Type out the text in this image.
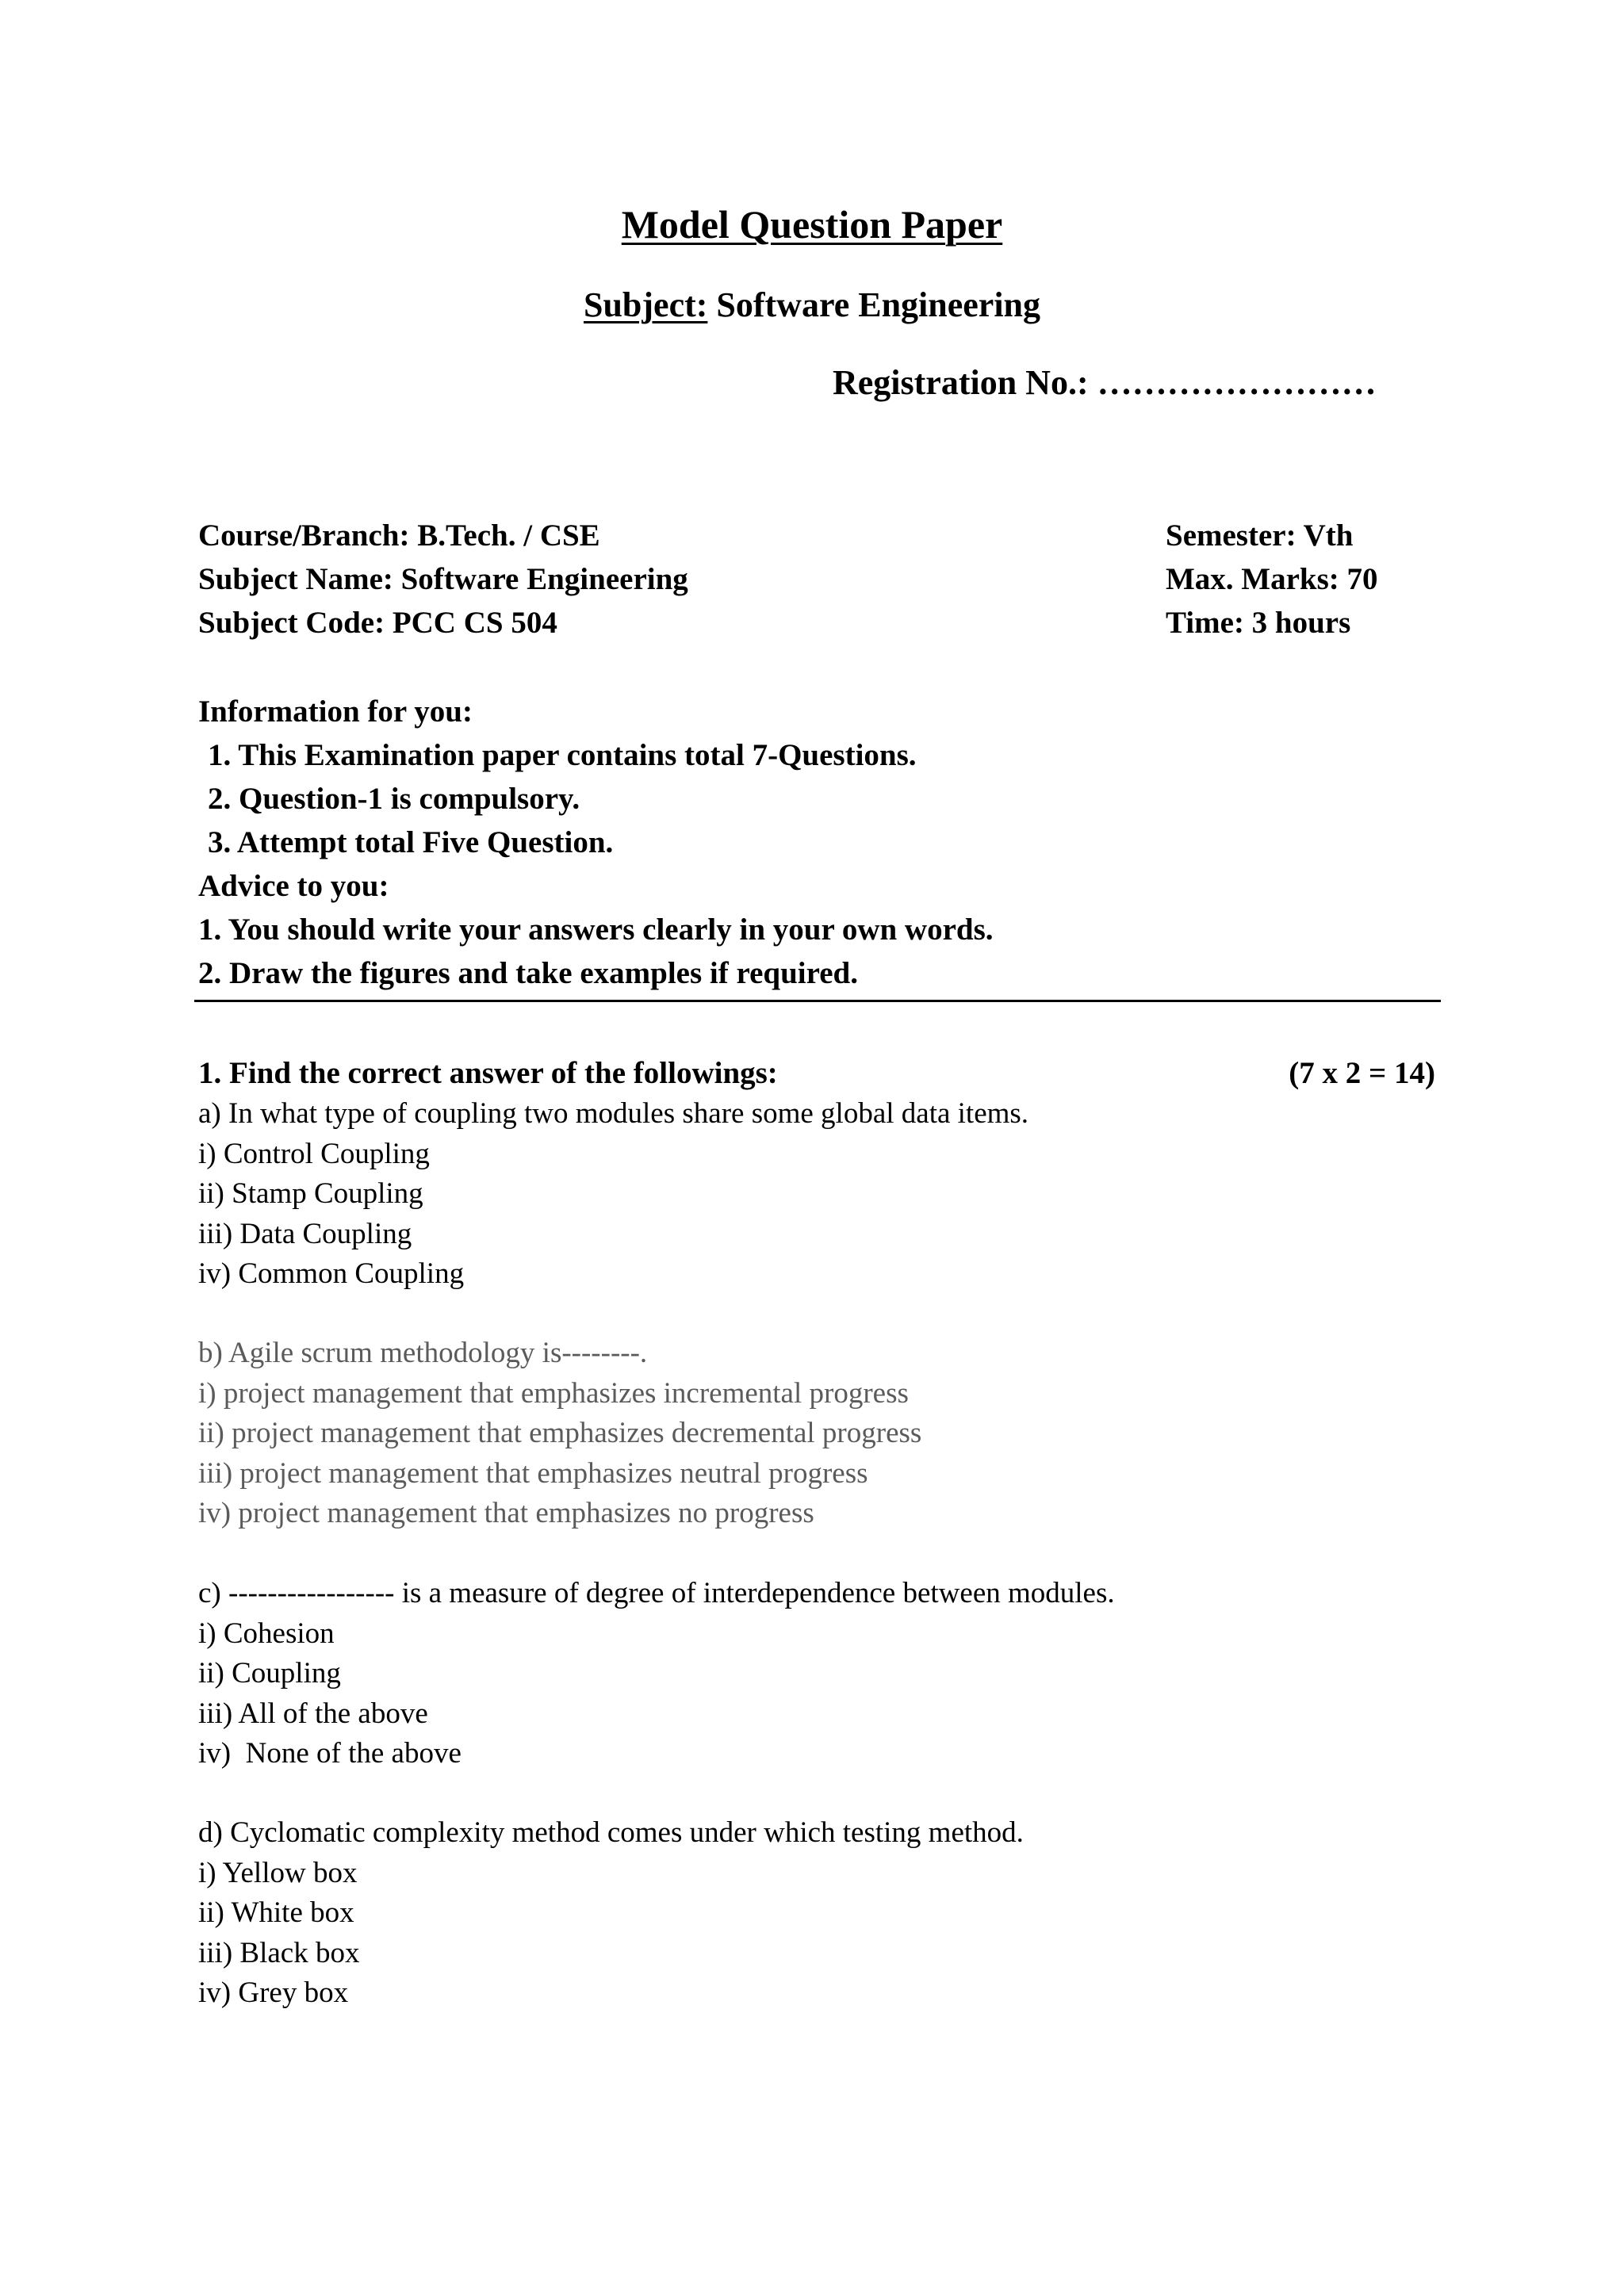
Model Question Paper
Subject: Software Engineering
Registration No.: ……………………
Course/Branch: B.Tech. / CSE
Subject Name: Software Engineering
Subject Code: PCC CS 504
Semester: Vth
Max. Marks: 70
Time: 3 hours
Information for you:
1. This Examination paper contains total 7-Questions.
2. Question-1 is compulsory.
3. Attempt total Five Question.
Advice to you:
1. You should write your answers clearly in your own words.
2. Draw the figures and take examples if required.
1. Find the correct answer of the followings:	(7 x 2 = 14)
a) In what type of coupling two modules share some global data items.
i) Control Coupling
ii) Stamp Coupling
iii) Data Coupling
iv) Common Coupling
b) Agile scrum methodology is--------.
i) project management that emphasizes incremental progress
ii) project management that emphasizes decremental progress
iii) project management that emphasizes neutral progress
iv) project management that emphasizes no progress
c) ----------------- is a measure of degree of interdependence between modules.
i) Cohesion
ii) Coupling
iii) All of the above
iv)  None of the above
d) Cyclomatic complexity method comes under which testing method.
i) Yellow box
ii) White box
iii) Black box
iv) Grey box
